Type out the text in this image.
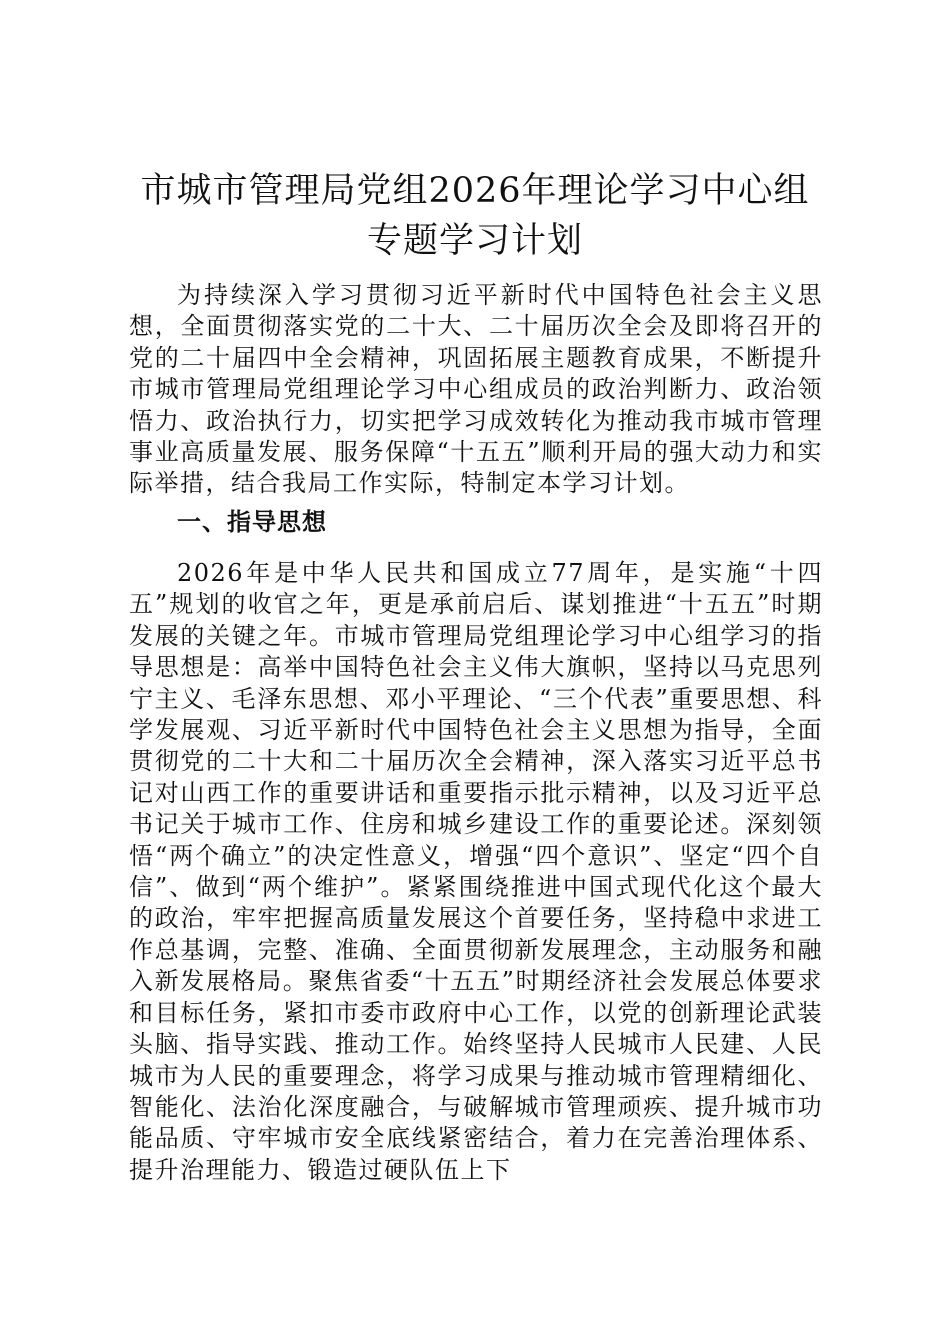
市城市管理局党组2026年理论学习中心组专题学习计划

为持续深入学习贯彻习近平新时代中国特色社会主义思想，全面贯彻落实党的二十大、二十届历次全会及即将召开的党的二十届四中全会精神，巩固拓展主题教育成果，不断提升市城市管理局党组理论学习中心组成员的政治判断力、政治领悟力、政治执行力，切实把学习成效转化为推动我市城市管理事业高质量发展、服务保障“十五五”顺利开局的强大动力和实际举措，结合我局工作实际，特制定本学习计划。

一、指导思想

2026年是中华人民共和国成立77周年，是实施“十四五”规划的收官之年，更是承前启后、谋划推进“十五五”时期发展的关键之年。市城市管理局党组理论学习中心组学习的指导思想是：高举中国特色社会主义伟大旗帜，坚持以马克思列宁主义、毛泽东思想、邓小平理论、“三个代表”重要思想、科学发展观、习近平新时代中国特色社会主义思想为指导，全面贯彻党的二十大和二十届历次全会精神，深入落实习近平总书记对山西工作的重要讲话和重要指示批示精神，以及习近平总书记关于城市工作、住房和城乡建设工作的重要论述。深刻领悟“两个确立”的决定性意义，增强“四个意识”、坚定“四个自信”、做到“两个维护”。紧紧围绕推进中国式现代化这个最大的政治，牢牢把握高质量发展这个首要任务，坚持稳中求进工作总基调，完整、准确、全面贯彻新发展理念，主动服务和融入新发展格局。聚焦省委“十五五”时期经济社会发展总体要求和目标任务，紧扣市委市政府中心工作，以党的创新理论武装头脑、指导实践、推动工作。始终坚持人民城市人民建、人民城市为人民的重要理念，将学习成果与推动城市管理精细化、智能化、法治化深度融合，与破解城市管理顽疾、提升城市功能品质、守牢城市安全底线紧密结合，着力在完善治理体系、提升治理能力、锻造过硬队伍上下
